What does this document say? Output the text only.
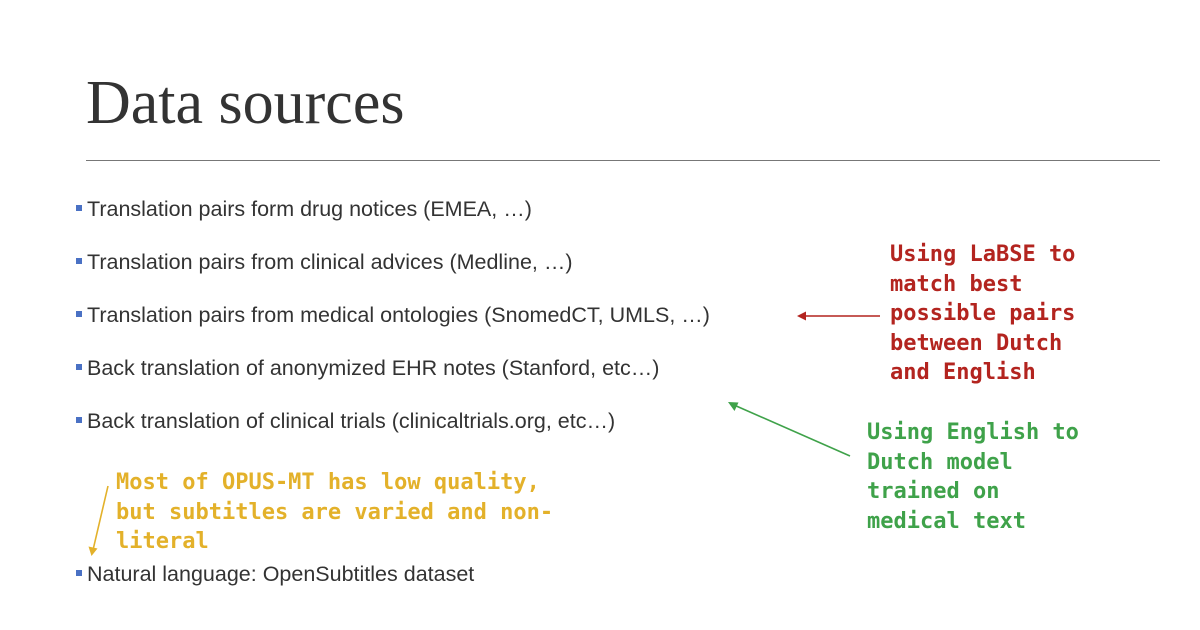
Data sources
Translation pairs form drug notices (EMEA, …)
Translation pairs from clinical advices (Medline, …)
Translation pairs from medical ontologies (SnomedCT, UMLS, …)
Back translation of anonymized EHR notes (Stanford, etc…)
Back translation of clinical trials (clinicaltrials.org, etc…)
Natural language: OpenSubtitles dataset
Using LaBSE to
match best
possible pairs
between Dutch
and English
Using English to
Dutch model
trained on
medical text
Most of OPUS-MT has low quality,
but subtitles are varied and non-
literal
